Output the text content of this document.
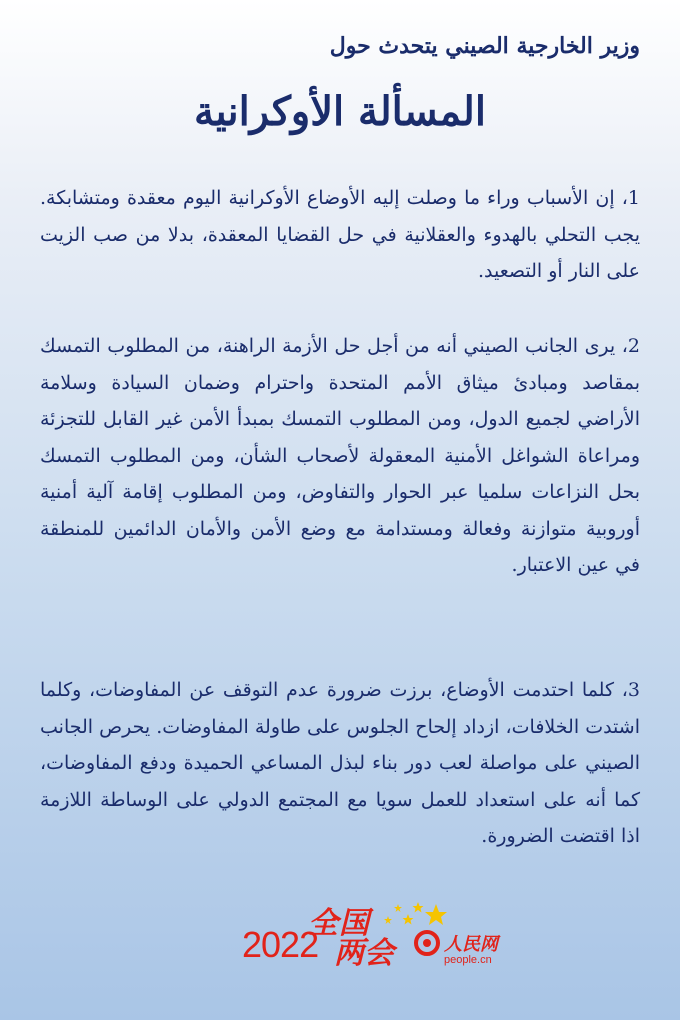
وزير الخارجية الصيني يتحدث حول
المسألة الأوكرانية
1، إن الأسباب وراء ما وصلت إليه الأوضاع الأوكرانية اليوم معقدة ومتشابكة. يجب التحلي بالهدوء والعقلانية في حل القضايا المعقدة، بدلا من صب الزيت على النار أو التصعيد.
2، يرى الجانب الصيني أنه من أجل حل الأزمة الراهنة، من المطلوب التمسك بمقاصد ومبادئ ميثاق الأمم المتحدة واحترام وضمان السيادة وسلامة الأراضي لجميع الدول، ومن المطلوب التمسك بمبدأ الأمن غير القابل للتجزئة ومراعاة الشواغل الأمنية المعقولة لأصحاب الشأن، ومن المطلوب التمسك بحل النزاعات سلميا عبر الحوار والتفاوض، ومن المطلوب إقامة آلية أمنية أوروبية متوازنة وفعالة ومستدامة مع وضع الأمن والأمان الدائمين للمنطقة في عين الاعتبار.
3، كلما احتدمت الأوضاع، برزت ضرورة عدم التوقف عن المفاوضات، وكلما اشتدت الخلافات، ازداد إلحاح الجلوس على طاولة المفاوضات. يحرص الجانب الصيني على مواصلة لعب دور بناء لبذل المساعي الحميدة ودفع المفاوضات، كما أنه على استعداد للعمل سويا مع المجتمع الدولي على الوساطة اللازمة اذا اقتضت الضرورة.
全国
2022 两会	人民网
people.cn
